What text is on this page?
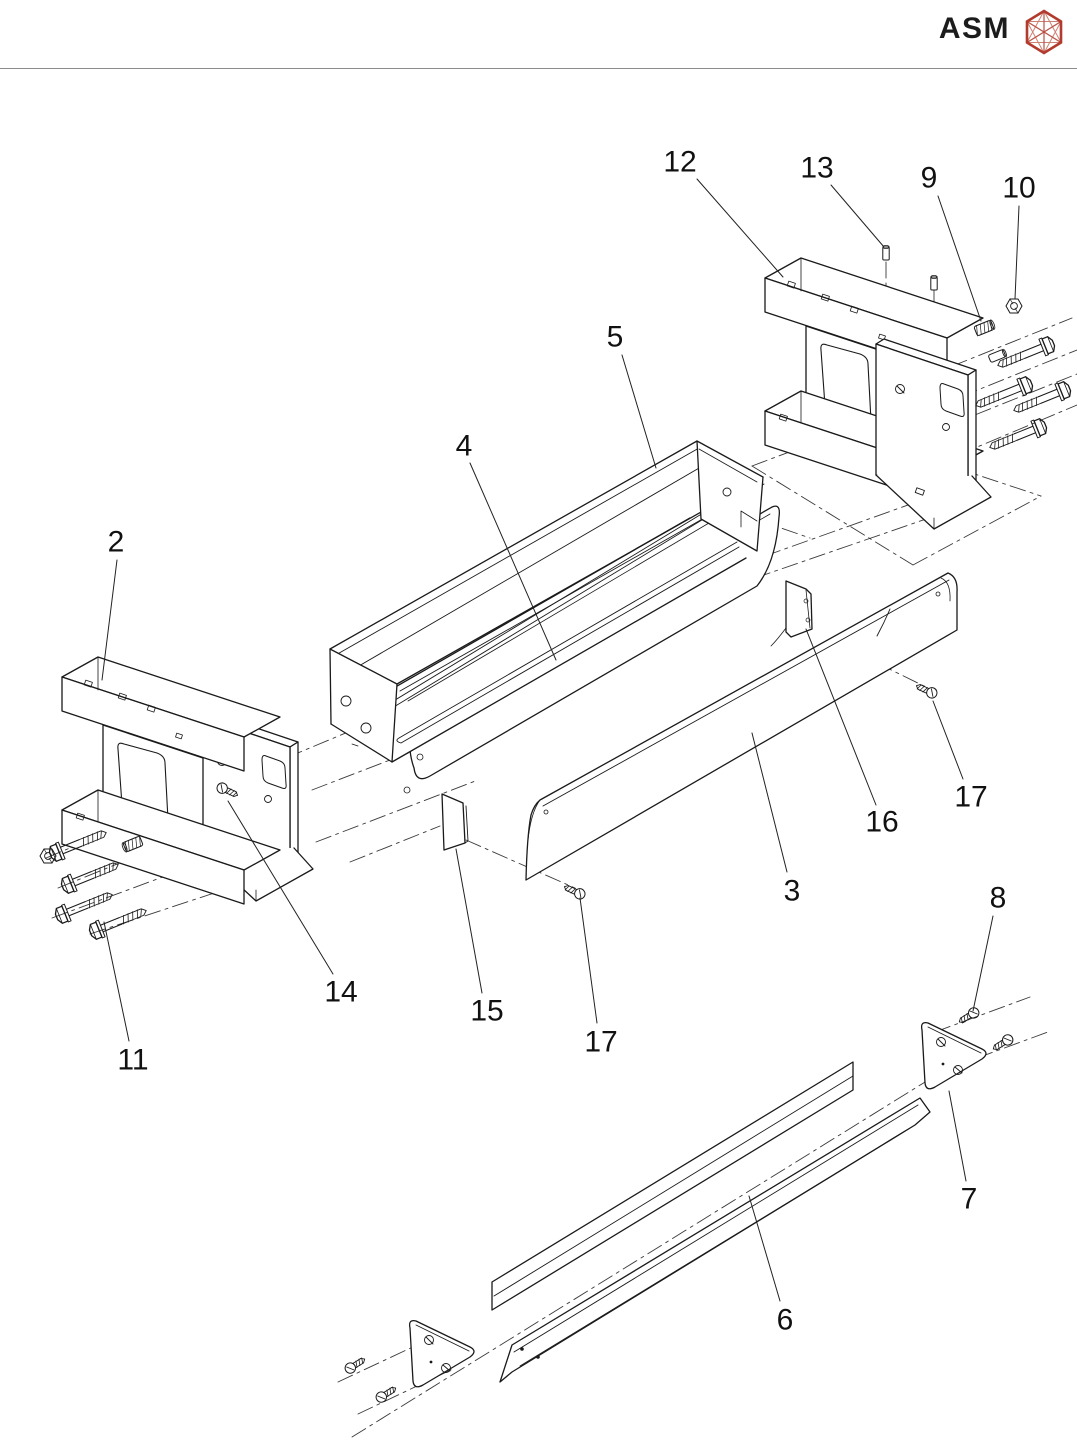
ASM
2
12	13	9 10
5
4
16
3
17
8
14
15
17
11
7
6
